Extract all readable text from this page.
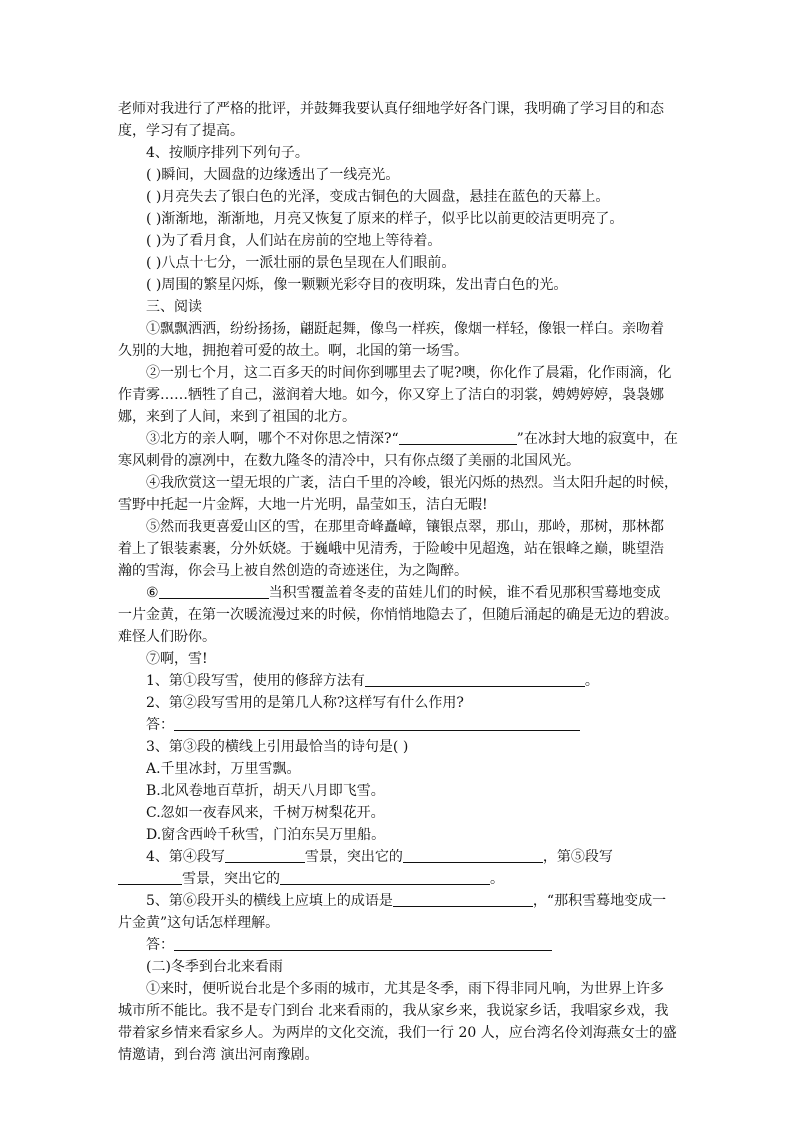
老师对我进行了严格的批评，并鼓舞我要认真仔细地学好各门课，我明确了学习目的和态
度，学习有了提高。
4、按顺序排列下列句子。
( )瞬间，大圆盘的边缘透出了一线亮光。
( )月亮失去了银白色的光泽，变成古铜色的大圆盘，悬挂在蓝色的天幕上。
( )渐渐地，渐渐地，月亮又恢复了原来的样子，似乎比以前更皎洁更明亮了。
( )为了看月食，人们站在房前的空地上等待着。
( )八点十七分，一派壮丽的景色呈现在人们眼前。
( )周围的繁星闪烁，像一颗颗光彩夺目的夜明珠，发出青白色的光。
三、阅读
①飘飘洒洒，纷纷扬扬，翩跹起舞，像鸟一样疾，像烟一样轻，像银一样白。亲吻着
久别的大地，拥抱着可爱的故土。啊，北国的第一场雪。
②一别七个月，这二百多天的时间你到哪里去了呢?噢，你化作了晨霜，化作雨滴，化
作青雾……牺牲了自己，滋润着大地。如今，你又穿上了洁白的羽裳，娉娉婷婷，袅袅娜
娜，来到了人间，来到了祖国的北方。
③北方的亲人啊，哪个不对你思之情深?“	”在冰封大地的寂寞中，在
寒风刺骨的凛冽中，在数九隆冬的清冷中，只有你点缀了美丽的北国风光。
④我欣赏这一望无垠的广袤，洁白千里的冷峻，银光闪烁的热烈。当太阳升起的时候，
雪野中托起一片金辉，大地一片光明，晶莹如玉，洁白无暇!
⑤然而我更喜爱山区的雪，在那里奇峰矗嶂，镶银点翠，那山，那岭，那树，那林都
着上了银装素裹，分外妖娆。于巍峨中见清秀，于险峻中见超逸，站在银峰之巅，眺望浩
瀚的雪海，你会马上被自然创造的奇迹迷住，为之陶醉。
⑥	当积雪覆盖着冬麦的苗娃儿们的时候，谁不看见那积雪蓦地变成
一片金黄，在第一次暖流漫过来的时候，你悄悄地隐去了，但随后涌起的确是无边的碧波。
难怪人们盼你。
⑦啊，雪!
1、第①段写雪，使用的修辞方法有	。
2、第②段写雪用的是第几人称?这样写有什么作用?
答：
3、第③段的横线上引用最恰当的诗句是( )
A.千里冰封，万里雪飘。
B.北风卷地百草折，胡天八月即飞雪。
C.忽如一夜春风来，千树万树梨花开。
D.窗含西岭千秋雪，门泊东吴万里船。
4、第④段写	雪景，突出它的	，第⑤段写
雪景，突出它的	。
5、第⑥段开头的横线上应填上的成语是	，“那积雪蓦地变成一
片金黄”这句话怎样理解。
答：
(二)冬季到台北来看雨
①来时，便听说台北是个多雨的城市，尤其是冬季，雨下得非同凡响，为世界上许多
城市所不能比。我不是专门到台 北来看雨的，我从家乡来，我说家乡话，我唱家乡戏，我
带着家乡情来看家乡人。为两岸的文化交流，我们一行 20 人，应台湾名伶刘海燕女士的盛
情邀请，到台湾 演出河南豫剧。
